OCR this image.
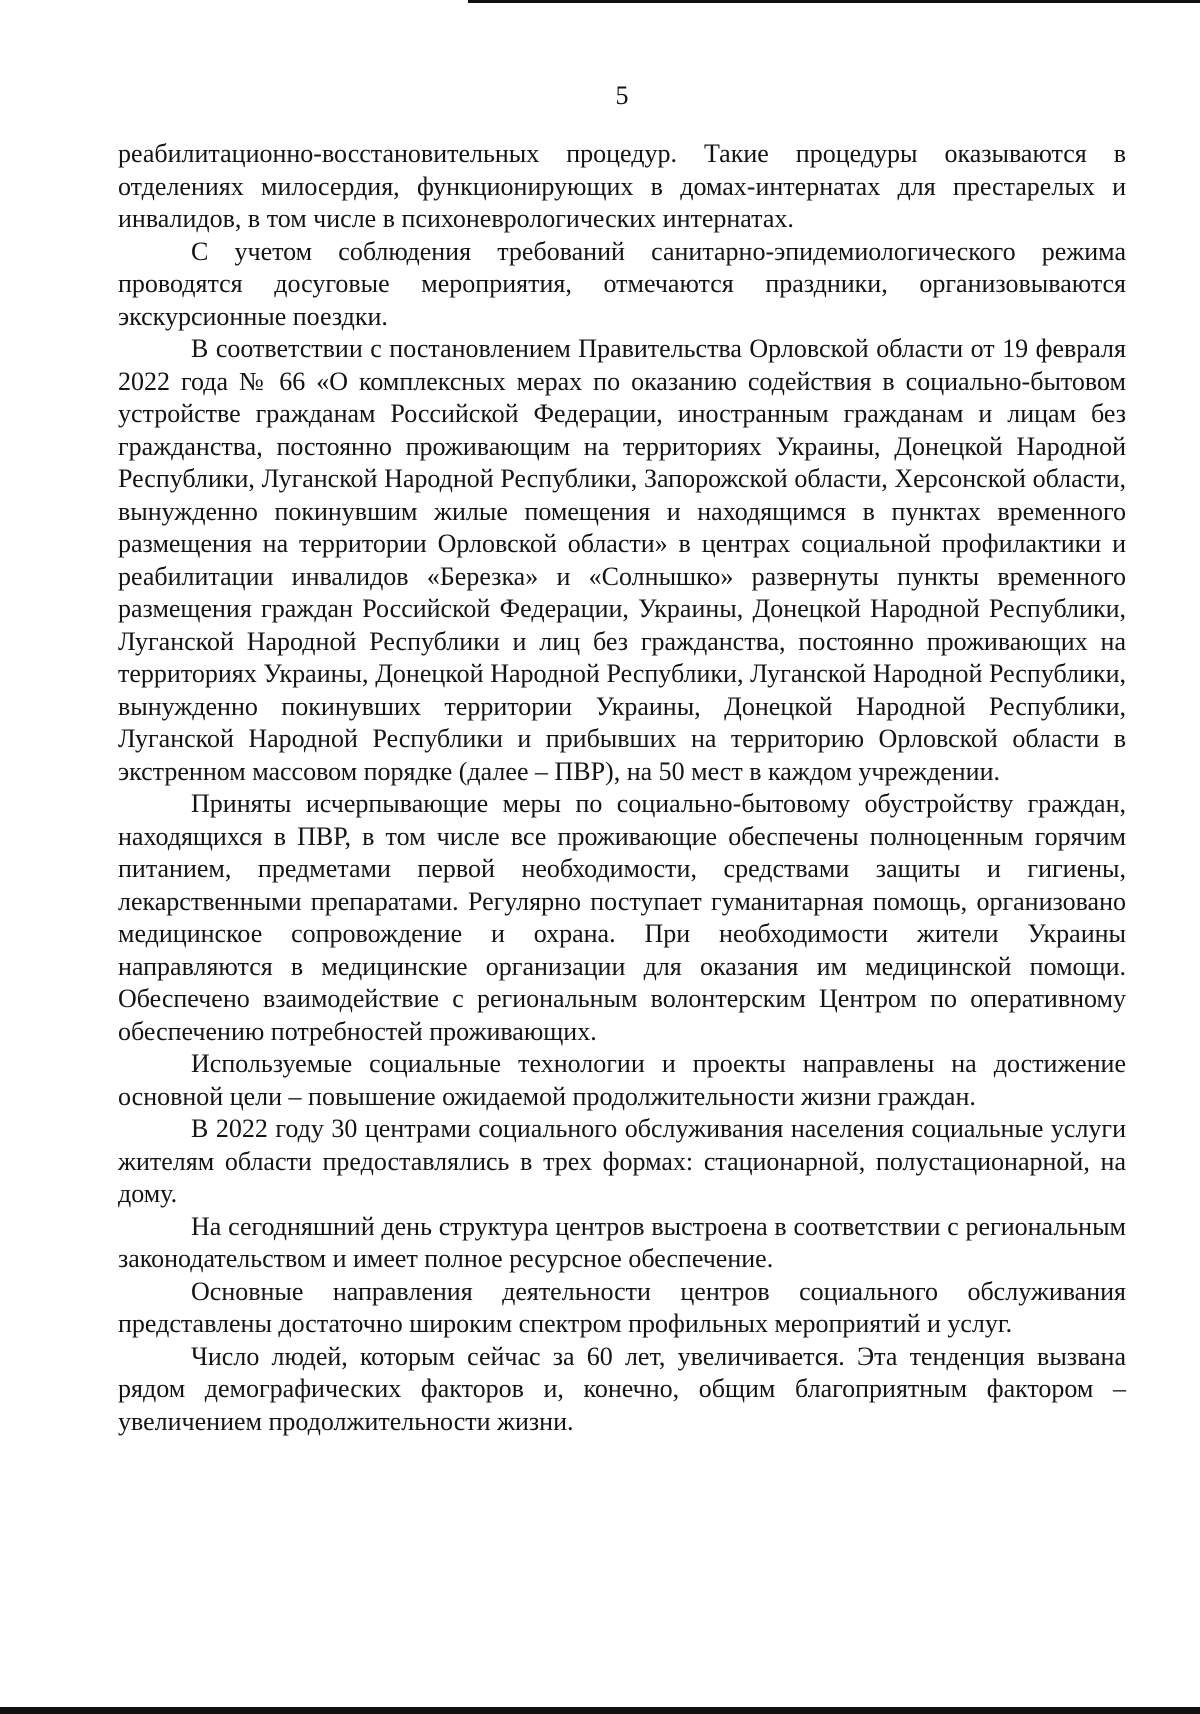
5

реабилитационно-восстановительных процедур. Такие процедуры оказываются в отделениях милосердия, функционирующих в домах-интернатах для престарелых и инвалидов, в том числе в психоневрологических интернатах.

С учетом соблюдения требований санитарно-эпидемиологического режима проводятся досуговые мероприятия, отмечаются праздники, организовываются экскурсионные поездки.

В соответствии с постановлением Правительства Орловской области от 19 февраля 2022 года № 66 «О комплексных мерах по оказанию содействия в социально-бытовом устройстве гражданам Российской Федерации, иностранным гражданам и лицам без гражданства, постоянно проживающим на территориях Украины, Донецкой Народной Республики, Луганской Народной Республики, Запорожской области, Херсонской области, вынужденно покинувшим жилые помещения и находящимся в пунктах временного размещения на территории Орловской области» в центрах социальной профилактики и реабилитации инвалидов «Березка» и «Солнышко» развернуты пункты временного размещения граждан Российской Федерации, Украины, Донецкой Народной Республики, Луганской Народной Республики и лиц без гражданства, постоянно проживающих на территориях Украины, Донецкой Народной Республики, Луганской Народной Республики, вынужденно покинувших территории Украины, Донецкой Народной Республики, Луганской Народной Республики и прибывших на территорию Орловской области в экстренном массовом порядке (далее – ПВР), на 50 мест в каждом учреждении.

Приняты исчерпывающие меры по социально-бытовому обустройству граждан, находящихся в ПВР, в том числе все проживающие обеспечены полноценным горячим питанием, предметами первой необходимости, средствами защиты и гигиены, лекарственными препаратами. Регулярно поступает гуманитарная помощь, организовано медицинское сопровождение и охрана. При необходимости жители Украины направляются в медицинские организации для оказания им медицинской помощи. Обеспечено взаимодействие с региональным волонтерским Центром по оперативному обеспечению потребностей проживающих.

Используемые социальные технологии и проекты направлены на достижение основной цели – повышение ожидаемой продолжительности жизни граждан.

В 2022 году 30 центрами социального обслуживания населения социальные услуги жителям области предоставлялись в трех формах: стационарной, полустационарной, на дому.

На сегодняшний день структура центров выстроена в соответствии с региональным законодательством и имеет полное ресурсное обеспечение.

Основные направления деятельности центров социального обслуживания представлены достаточно широким спектром профильных мероприятий и услуг.

Число людей, которым сейчас за 60 лет, увеличивается. Эта тенденция вызвана рядом демографических факторов и, конечно, общим благоприятным фактором – увеличением продолжительности жизни.
